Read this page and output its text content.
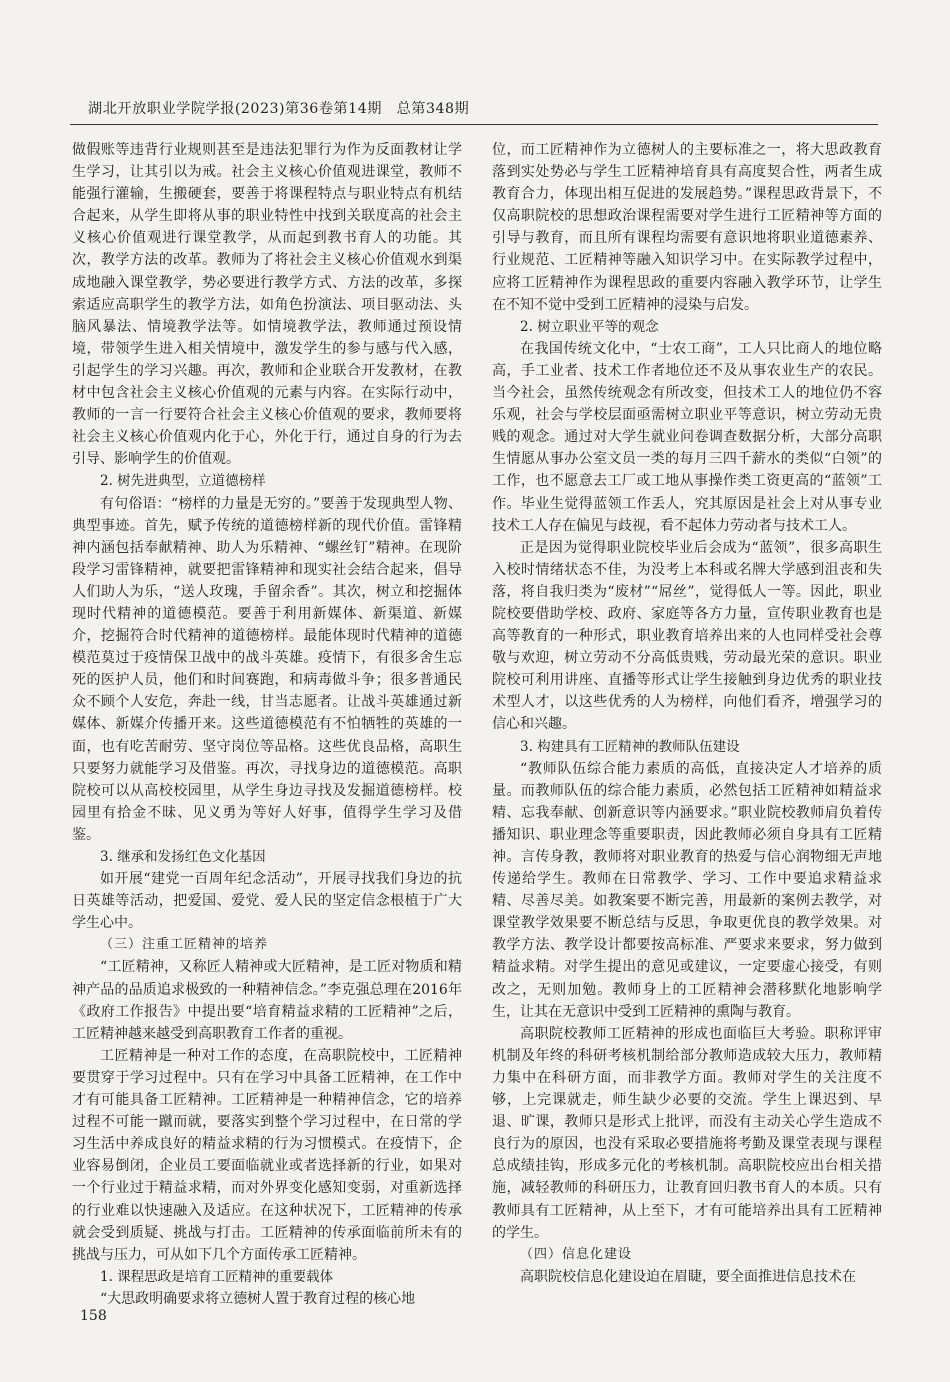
湖北开放职业学院学报(2023)第36卷第14期　总第348期

做假账等违背行业规则甚至是违法犯罪行为作为反面教材让学生学习，让其引以为戒。社会主义核心价值观进课堂，教师不能强行灌输，生搬硬套，要善于将课程特点与职业特点有机结合起来，从学生即将从事的职业特性中找到关联度高的社会主义核心价值观进行课堂教学，从而起到教书育人的功能。其次，教学方法的改革。教师为了将社会主义核心价值观水到渠成地融入课堂教学，势必要进行教学方式、方法的改革，多探索适应高职学生的教学方法，如角色扮演法、项目驱动法、头脑风暴法、情境教学法等。如情境教学法，教师通过预设情境，带领学生进入相关情境中，激发学生的参与感与代入感，引起学生的学习兴趣。再次，教师和企业联合开发教材，在教材中包含社会主义核心价值观的元素与内容。在实际行动中，教师的一言一行要符合社会主义核心价值观的要求，教师要将社会主义核心价值观内化于心，外化于行，通过自身的行为去引导、影响学生的价值观。

2. 树先进典型，立道德榜样

有句俗语：“榜样的力量是无穷的。”要善于发现典型人物、典型事迹。首先，赋予传统的道德榜样新的现代价值。雷锋精神内涵包括奉献精神、助人为乐精神、“螺丝钉”精神。在现阶段学习雷锋精神，就要把雷锋精神和现实社会结合起来，倡导人们助人为乐，“送人玫瑰，手留余香”。其次，树立和挖掘体现时代精神的道德模范。要善于利用新媒体、新渠道、新媒介，挖掘符合时代精神的道德榜样。最能体现时代精神的道德模范莫过于疫情保卫战中的战斗英雄。疫情下，有很多舍生忘死的医护人员，他们和时间赛跑，和病毒做斗争；很多普通民众不顾个人安危，奔赴一线，甘当志愿者。让战斗英雄通过新媒体、新媒介传播开来。这些道德模范有不怕牺牲的英雄的一面，也有吃苦耐劳、坚守岗位等品格。这些优良品格，高职生只要努力就能学习及借鉴。再次，寻找身边的道德模范。高职院校可以从高校校园里，从学生身边寻找及发掘道德榜样。校园里有拾金不昧、见义勇为等好人好事，值得学生学习及借鉴。

3. 继承和发扬红色文化基因

如开展“建党一百周年纪念活动”，开展寻找我们身边的抗日英雄等活动，把爱国、爱党、爱人民的坚定信念根植于广大学生心中。

（三）注重工匠精神的培养

“工匠精神，又称匠人精神或大匠精神，是工匠对物质和精神产品的品质追求极致的一种精神信念。”李克强总理在2016年《政府工作报告》中提出要“培育精益求精的工匠精神”之后，工匠精神越来越受到高职教育工作者的重视。

工匠精神是一种对工作的态度，在高职院校中，工匠精神要贯穿于学习过程中。只有在学习中具备工匠精神，在工作中才有可能具备工匠精神。工匠精神是一种精神信念，它的培养过程不可能一蹴而就，要落实到整个学习过程中，在日常的学习生活中养成良好的精益求精的行为习惯模式。在疫情下，企业容易倒闭，企业员工要面临就业或者选择新的行业，如果对一个行业过于精益求精，而对外界变化感知变弱，对重新选择的行业难以快速融入及适应。在这种状况下，工匠精神的传承就会受到质疑、挑战与打击。工匠精神的传承面临前所未有的挑战与压力，可从如下几个方面传承工匠精神。

1. 课程思政是培育工匠精神的重要载体

“大思政明确要求将立德树人置于教育过程的核心地

位，而工匠精神作为立德树人的主要标准之一，将大思政教育落到实处势必与学生工匠精神培育具有高度契合性，两者生成教育合力，体现出相互促进的发展趋势。”课程思政背景下，不仅高职院校的思想政治课程需要对学生进行工匠精神等方面的引导与教育，而且所有课程均需要有意识地将职业道德素养、行业规范、工匠精神等融入知识学习中。在实际教学过程中，应将工匠精神作为课程思政的重要内容融入教学环节，让学生在不知不觉中受到工匠精神的浸染与启发。

2. 树立职业平等的观念

在我国传统文化中，“士农工商”，工人只比商人的地位略高，手工业者、技术工作者地位还不及从事农业生产的农民。当今社会，虽然传统观念有所改变，但技术工人的地位仍不容乐观，社会与学校层面亟需树立职业平等意识，树立劳动无贵贱的观念。通过对大学生就业问卷调查数据分析，大部分高职生情愿从事办公室文员一类的每月三四千薪水的类似“白领”的工作，也不愿意去工厂或工地从事操作类工资更高的“蓝领”工作。毕业生觉得蓝领工作丢人，究其原因是社会上对从事专业技术工人存在偏见与歧视，看不起体力劳动者与技术工人。

正是因为觉得职业院校毕业后会成为“蓝领”，很多高职生入校时情绪状态不佳，为没考上本科或名牌大学感到沮丧和失落，将自我归类为“废材”“屌丝”，觉得低人一等。因此，职业院校要借助学校、政府、家庭等各方力量，宣传职业教育也是高等教育的一种形式，职业教育培养出来的人也同样受社会尊敬与欢迎，树立劳动不分高低贵贱，劳动最光荣的意识。职业院校可利用讲座、直播等形式让学生接触到身边优秀的职业技术型人才，以这些优秀的人为榜样，向他们看齐，增强学习的信心和兴趣。

3. 构建具有工匠精神的教师队伍建设

“教师队伍综合能力素质的高低，直接决定人才培养的质量。而教师队伍的综合能力素质，必然包括工匠精神如精益求精、忘我奉献、创新意识等内涵要求。”职业院校教师肩负着传播知识、职业理念等重要职责，因此教师必须自身具有工匠精神。言传身教，教师将对职业教育的热爱与信心润物细无声地传递给学生。教师在日常教学、学习、工作中要追求精益求精、尽善尽美。如教案要不断完善，用最新的案例去教学，对课堂教学效果要不断总结与反思，争取更优良的教学效果。对教学方法、教学设计都要按高标准、严要求来要求，努力做到精益求精。对学生提出的意见或建议，一定要虚心接受，有则改之，无则加勉。教师身上的工匠精神会潜移默化地影响学生，让其在无意识中受到工匠精神的熏陶与教育。

高职院校教师工匠精神的形成也面临巨大考验。职称评审机制及年终的科研考核机制给部分教师造成较大压力，教师精力集中在科研方面，而非教学方面。教师对学生的关注度不够，上完课就走，师生缺少必要的交流。学生上课迟到、早退、旷课，教师只是形式上批评，而没有主动关心学生造成不良行为的原因，也没有采取必要措施将考勤及课堂表现与课程总成绩挂钩，形成多元化的考核机制。高职院校应出台相关措施，减轻教师的科研压力，让教育回归教书育人的本质。只有教师具有工匠精神，从上至下，才有可能培养出具有工匠精神的学生。

（四）信息化建设

高职院校信息化建设迫在眉睫，要全面推进信息技术在

158
